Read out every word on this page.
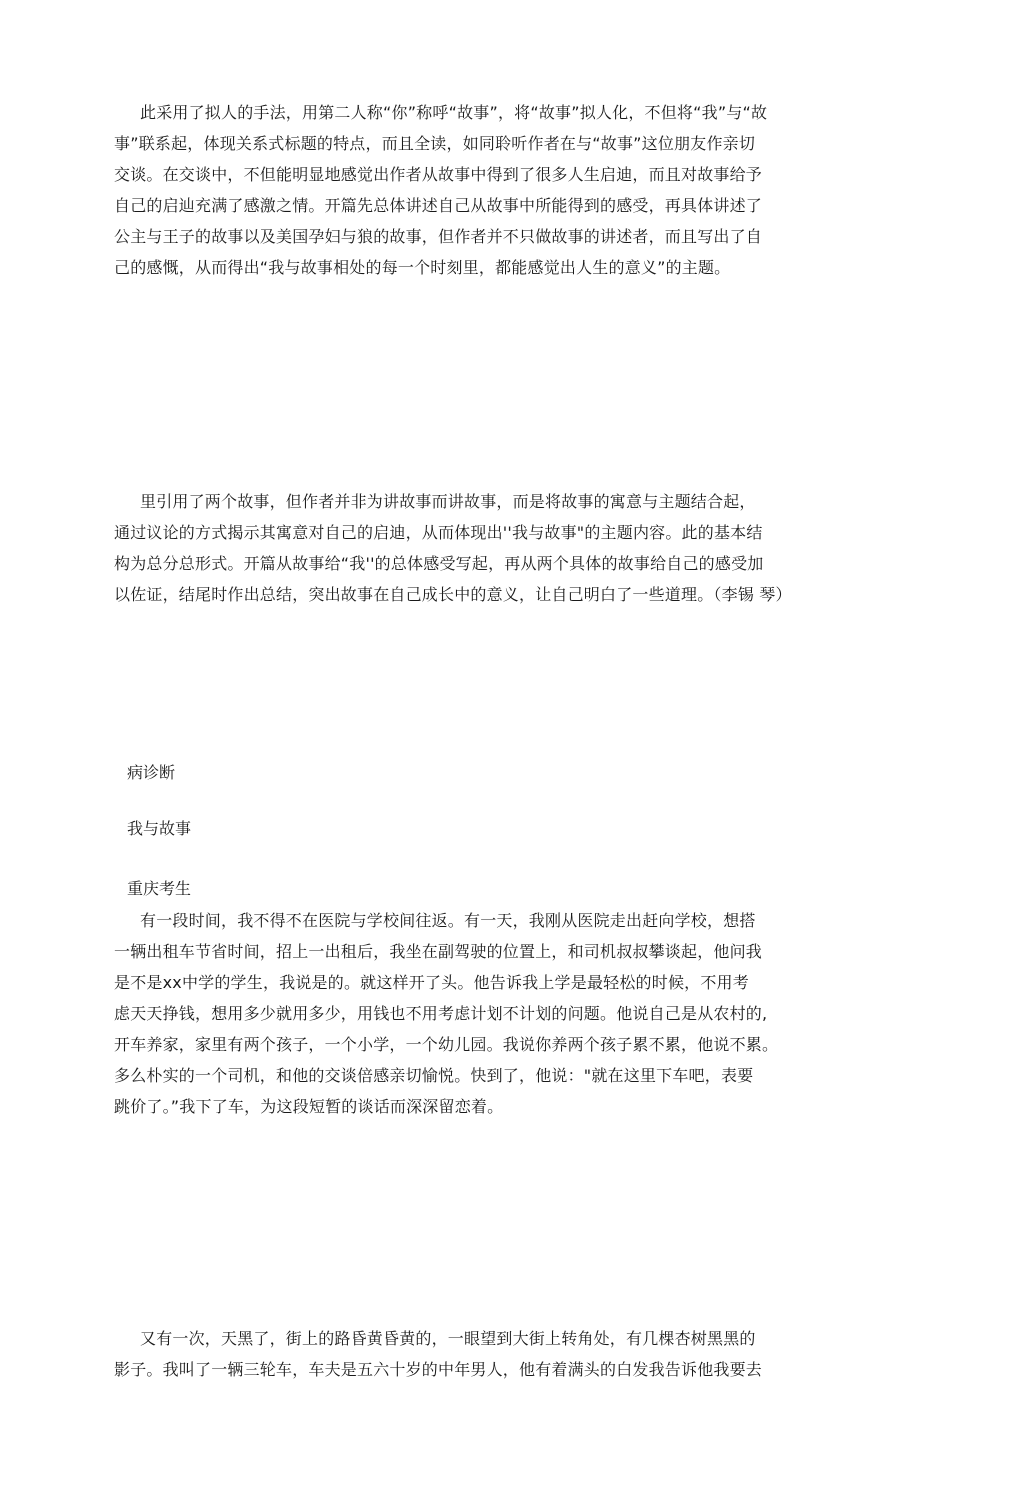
此采用了拟人的手法，用第二人称“你”称呼“故事”，将“故事”拟人化，不但将“我”与“故
事”联系起，体现关系式标题的特点，而且全读，如同聆听作者在与“故事”这位朋友作亲切
交谈。在交谈中，不但能明显地感觉出作者从故事中得到了很多人生启迪，而且对故事给予
自己的启辿充满了感激之情。开篇先总体讲述自己从故事中所能得到的感受，再具体讲述了
公主与王子的故事以及美国孕妇与狼的故事，但作者并不只做故事的讲述者，而且写出了自
己的感慨，从而得出“我与故事相处的每一个时刻里，都能感觉出人生的意义”的主题。
里引用了两个故事，但作者并非为讲故事而讲故事，而是将故事的寓意与主题结合起，
通过议论的方式揭示其寓意对自己的启迪，从而体现出''我与故事"的主题内容。此的基本结
构为总分总形式。开篇从故事给“我''的总体感受写起，再从两个具体的故事给自己的感受加
以佐证，结尾时作出总结，突出故事在自己成长中的意义，让自己明白了一些道理。（李锡 琴）
病诊断
我与故事
重庆考生
有一段时间，我不得不在医院与学校间往返。有一天，我刚从医院走出赶向学校，想搭
一辆出租车节省时间，招上一出租后，我坐在副驾驶的位置上，和司机叔叔攀谈起，他问我
是不是xx中学的学生，我说是的。就这样开了头。他告诉我上学是最轻松的时候，不用考
虑天天挣钱，想用多少就用多少，用钱也不用考虑计划不计划的问题。他说自己是从农村的,
开车养家，家里有两个孩子，一个小学，一个幼儿园。我说你养两个孩子累不累，他说不累。
多么朴实的一个司机，和他的交谈倍感亲切愉悦。快到了，他说："就在这里下车吧，表要
跳价了。”我下了车，为这段短暂的谈话而深深留恋着。
又有一次，天黑了，街上的路昏黄昏黄的，一眼望到大街上转角处，有几棵杏树黑黑的
影子。我叫了一辆三轮车，车夫是五六十岁的中年男人，他有着满头的白发我告诉他我要去
